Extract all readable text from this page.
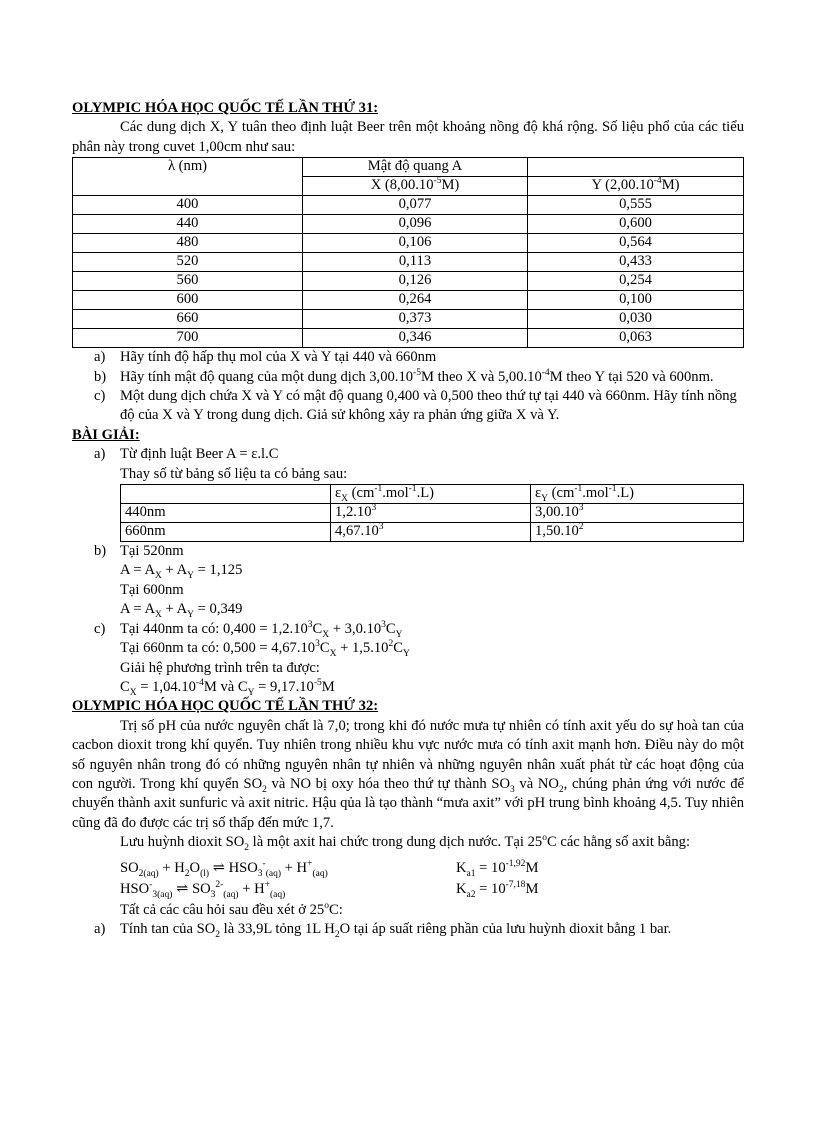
OLYMPIC HÓA HỌC QUỐC TẾ LẦN THỨ 31:

Các dung dịch X, Y tuân theo định luật Beer trên một khoảng nồng độ khá rộng. Số liệu phổ của các tiểu phân này trong cuvet 1,00cm như sau:

λ (nm)	Mật độ quang A	
	X $(8,00.10^{-5}M)$	Y $(2,00.10^{-4}M)$
400	0,077	0,555
440	0,096	0,600
480	0,106	0,564
520	0,113	0,433
560	0,126	0,254
600	0,264	0,100
660	0,373	0,030
700	0,346	0,063
a) Hãy tính độ hấp thụ mol của X và Y tại 440 và 660nm
b) Hãy tính mật độ quang của một dung dịch $3,00.10^{-5}M$ theo X và $5,00.10^{-4}M$ theo Y tại 520 và 600nm.
c) Một dung dịch chứa X và Y có mật độ quang 0,400 và 0,500 theo thứ tự tại 440 và 660nm. Hãy tính nồng độ của X và Y trong dung dịch. Giả sử không xảy ra phản ứng giữa X và Y.

BÀI GIẢI:

a) Từ định luật Beer A = ε.l.C

Thay số từ bảng số liệu ta có bảng sau:

	$\varepsilon_X$ $(cm^{-1}.mol^{-1}.L)$	$\varepsilon_Y$ $(cm^{-1}.mol^{-1}.L)$
440nm	1,2.10$^3$	3,00.10$^3$
660nm	4,67.10$^3$	1,50.10$^2$
b) Tại 520nm

$A = A_X + A_Y = 1,125$

Tại 600nm

$A = A_X + A_Y = 0,349$

c) Tại 440nm ta có: $0,400 = 1,2.10^3C_X + 3,0.10^3C_Y$

Tại 660nm ta có: $0,500 = 4,67.10^3C_X + 1,5.10^2C_Y$

Giải hệ phương trình trên ta được:

$C_X = 1,04.10^{-4}M$ và $C_Y = 9,17.10^{-5}M$

OLYMPIC HÓA HỌC QUỐC TẾ LẦN THỨ 32:

Trị số pH của nước nguyên chất là 7,0; trong khi đó nước mưa tự nhiên có tính axit yếu do sự hoà tan của cacbon dioxit trong khí quyển. Tuy nhiên trong nhiều khu vực nước mưa có tính axit mạnh hơn. Điều này do một số nguyên nhân trong đó có những nguyên nhân tự nhiên và những nguyên nhân xuất phát từ các hoạt động của con người. Trong khí quyển $SO_2$ và NO bị oxy hóa theo thứ tự thành $SO_3$ và $NO_2$, chúng phản ứng với nước để chuyển thành axit sunfuric và axit nitric. Hậu qủa là tạo thành “mưa axit” với pH trung bình khoảng 4,5. Tuy nhiên cũng đã đo được các trị số thấp đến mức 1,7.

Lưu huỳnh dioxit $SO_2$ là một axit hai chức trong dung dịch nước. Tại 25$^o$C các hằng số axit bằng:

$SO_{2(aq)} + H_2O_{(l)}$ ⇌ $HSO_3^-_{(aq)} + H^+_{(aq)}$	$K_{a1} = 10^{-1,92}M$
$HSO^-_{3(aq)}$ ⇌ $SO_3^{2-}_{(aq)} + H^+_{(aq)}$	$K_{a2} = 10^{-7,18}M$

Tất cả các câu hỏi sau đều xét ở 25$^o$C:

a) Tính tan của $SO_2$ là 33,9L tỏng 1L $H_2O$ tại áp suất riêng phần của lưu huỳnh dioxit bằng 1 bar.
